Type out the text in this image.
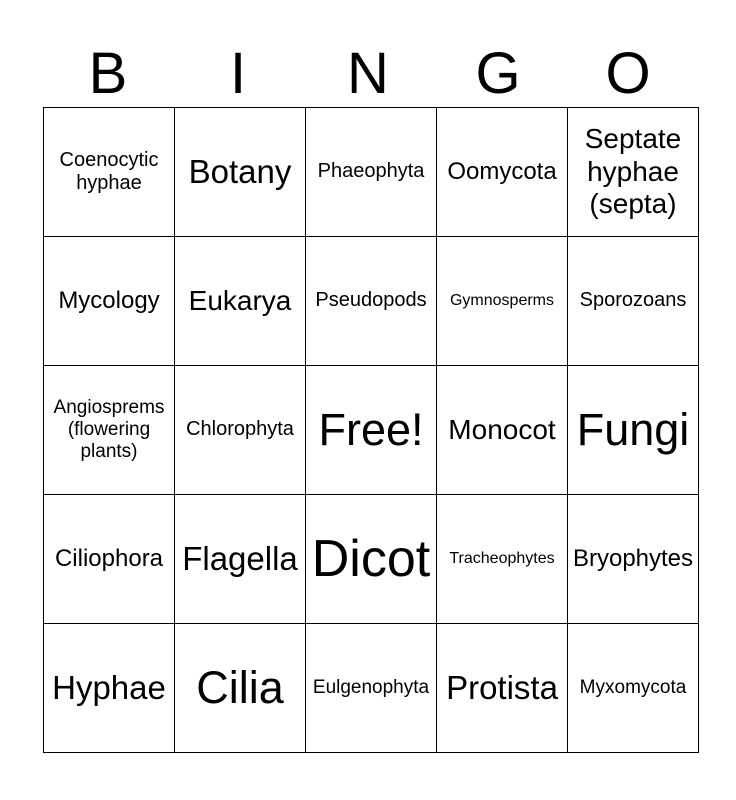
B	I	N	G	O
Coenocytic hyphae	Botany	Phaeophyta	Oomycota	Septate hyphae (septa)
Mycology	Eukarya	Pseudopods	Gymnosperms	Sporozoans
Angiosprems (flowering plants)	Chlorophyta	Free!	Monocot	Fungi
Ciliophora	Flagella	Dicot	Tracheophytes	Bryophytes
Hyphae	Cilia	Eulgenophyta	Protista	Myxomycota
